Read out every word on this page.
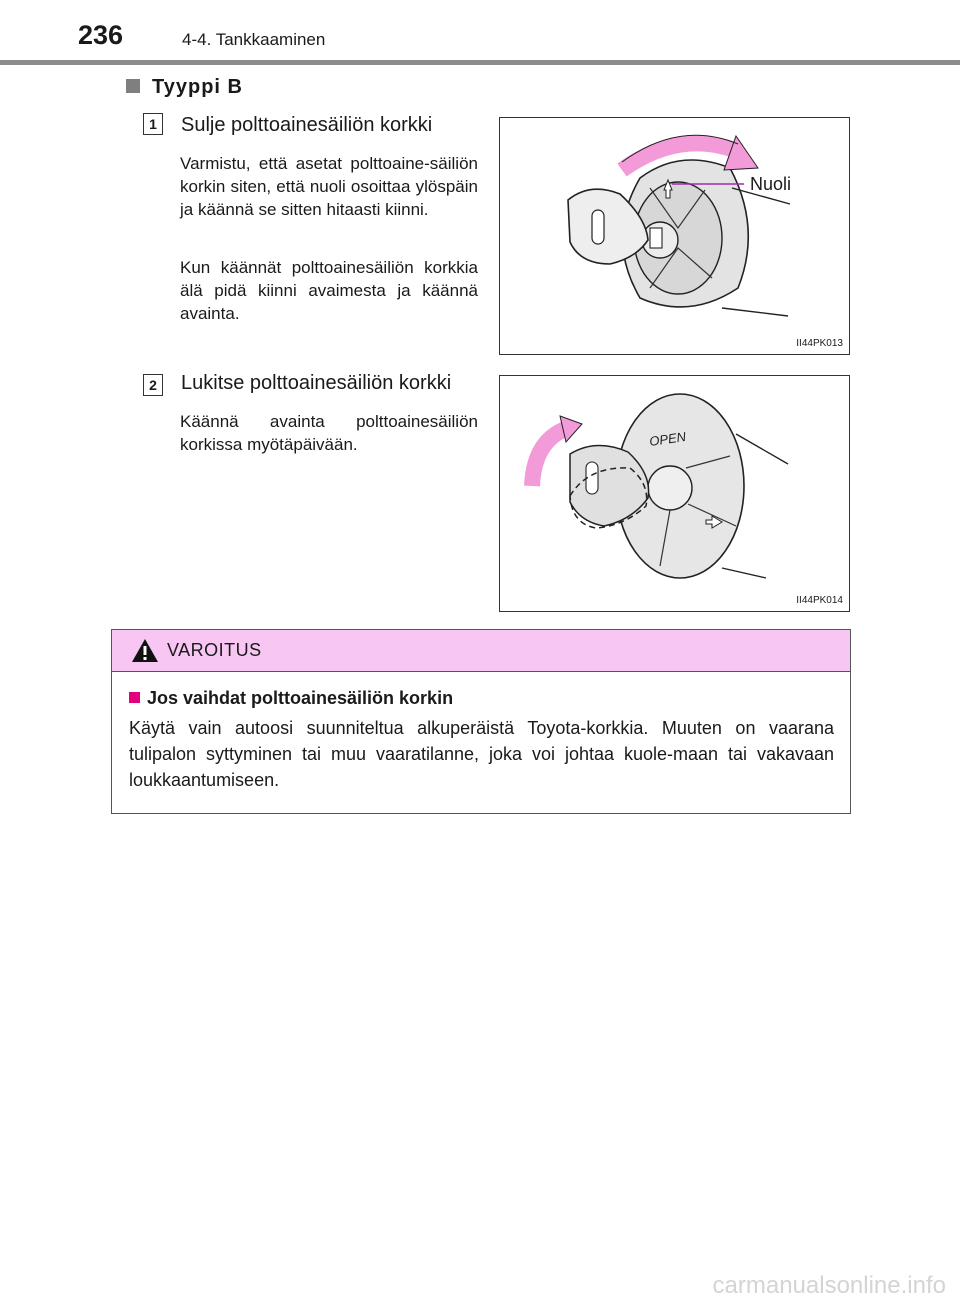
236	4-4. Tankkaaminen
Tyyppi B
1	Sulje polttoainesäiliön korkki
Varmistu, että asetat polttoaine-säiliön korkin siten, että nuoli osoittaa ylöspäin ja käännä se sitten hitaasti kiinni.
Kun käännät polttoainesäiliön korkkia älä pidä kiinni avaimesta ja käännä avainta.
Nuoli
II44PK013
2	Lukitse polttoainesäiliön korkki
Käännä avainta polttoainesäiliön korkissa myötäpäivään.	OPEN
II44PK014
VAROITUS
Jos vaihdat polttoainesäiliön korkin
Käytä vain autoosi suunniteltua alkuperäistä Toyota-korkkia. Muuten on vaarana tulipalon syttyminen tai muu vaaratilanne, joka voi johtaa kuole-maan tai vakavaan loukkaantumiseen.
carmanualsonline.info
